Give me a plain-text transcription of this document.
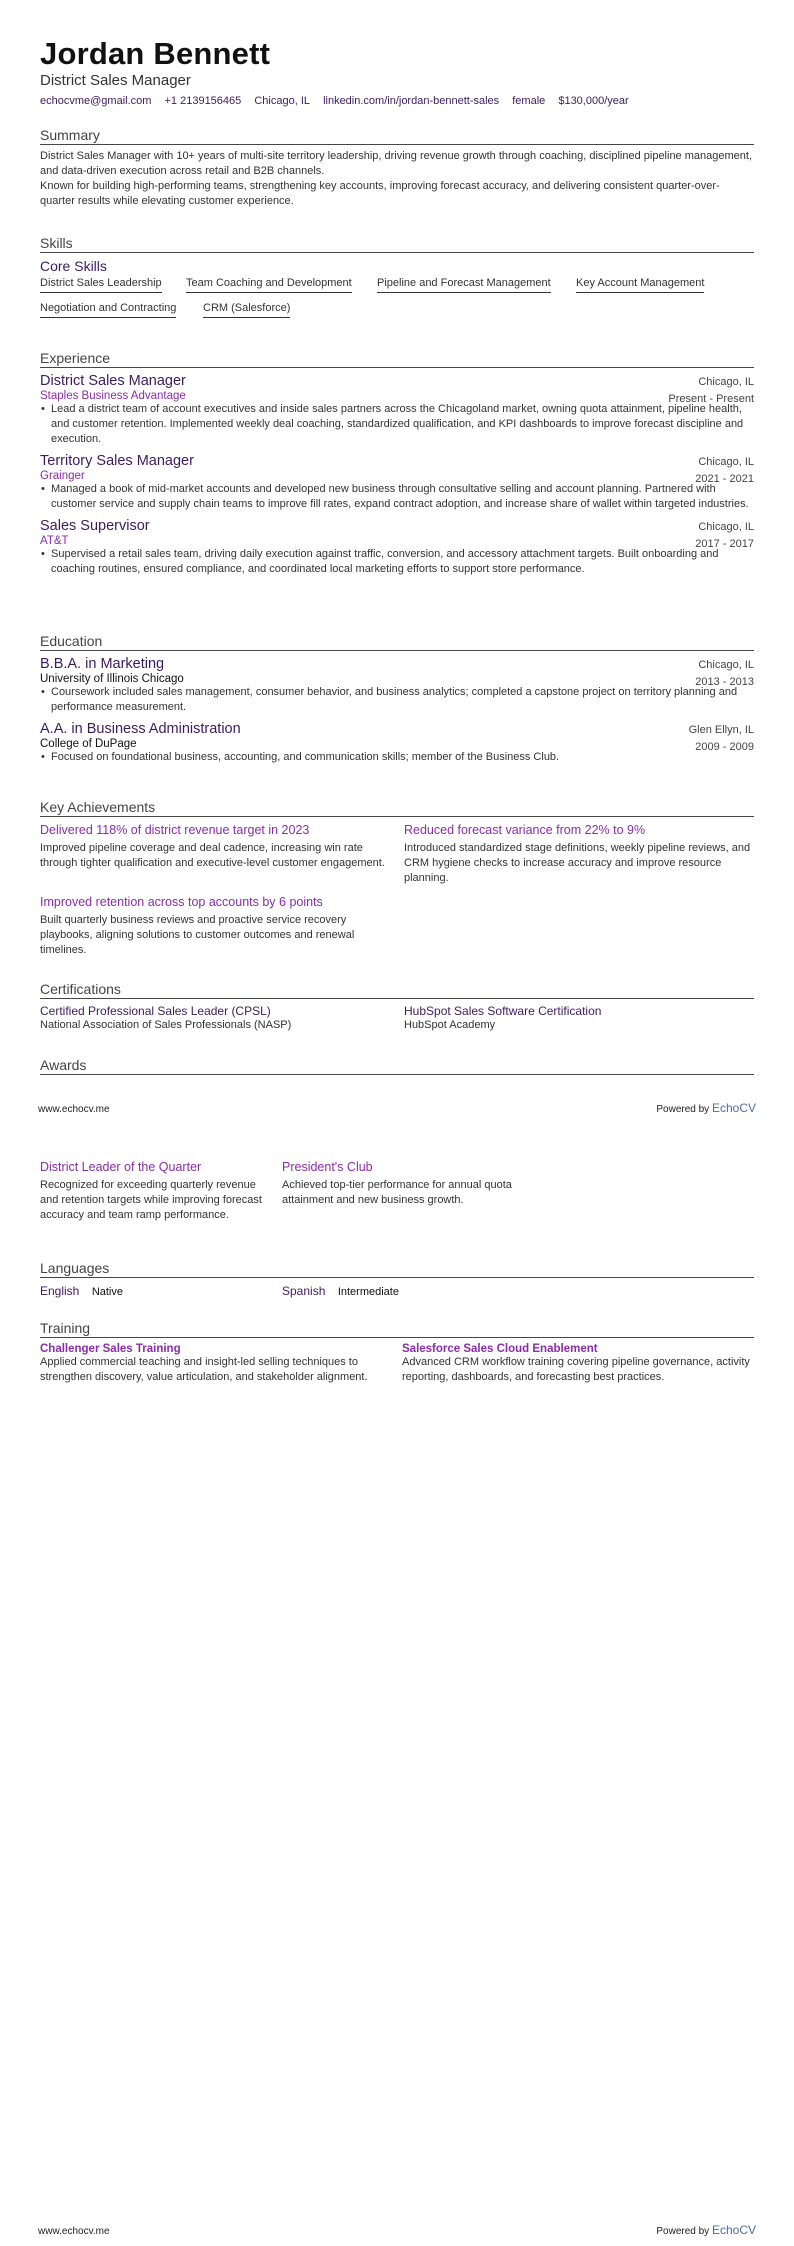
Jordan Bennett
District Sales Manager
echocvme@gmail.com +1 2139156465 Chicago, IL linkedin.com/in/jordan-bennett-sales female $130,000/year
Summary
District Sales Manager with 10+ years of multi-site territory leadership, driving revenue growth through coaching, disciplined pipeline management, and data-driven execution across retail and B2B channels.
Known for building high-performing teams, strengthening key accounts, improving forecast accuracy, and delivering consistent quarter-over-quarter results while elevating customer experience.
Skills
Core Skills
District Sales Leadership Team Coaching and Development Pipeline and Forecast Management Key Account Management
Negotiation and Contracting CRM (Salesforce)
Experience
District Sales Manager	Chicago, IL
Staples Business Advantage	Present - Present
• Lead a district team of account executives and inside sales partners across the Chicagoland market, owning quota attainment, pipeline health, and customer retention. Implemented weekly deal coaching, standardized qualification, and KPI dashboards to improve forecast discipline and execution.
Territory Sales Manager	Chicago, IL
Grainger	2021 - 2021
• Managed a book of mid-market accounts and developed new business through consultative selling and account planning. Partnered with customer service and supply chain teams to improve fill rates, expand contract adoption, and increase share of wallet within targeted industries.
Sales Supervisor	Chicago, IL
AT&T	2017 - 2017
• Supervised a retail sales team, driving daily execution against traffic, conversion, and accessory attachment targets. Built onboarding and coaching routines, ensured compliance, and coordinated local marketing efforts to support store performance.
Education
B.B.A. in Marketing	Chicago, IL
University of Illinois Chicago	2013 - 2013
• Coursework included sales management, consumer behavior, and business analytics; completed a capstone project on territory planning and performance measurement.
A.A. in Business Administration	Glen Ellyn, IL
College of DuPage	2009 - 2009
• Focused on foundational business, accounting, and communication skills; member of the Business Club.
Key Achievements
Delivered 118% of district revenue target in 2023
Improved pipeline coverage and deal cadence, increasing win rate through tighter qualification and executive-level customer engagement.
Reduced forecast variance from 22% to 9%
Introduced standardized stage definitions, weekly pipeline reviews, and CRM hygiene checks to increase accuracy and improve resource planning.
Improved retention across top accounts by 6 points
Built quarterly business reviews and proactive service recovery playbooks, aligning solutions to customer outcomes and renewal timelines.
Certifications
Certified Professional Sales Leader (CPSL)
National Association of Sales Professionals (NASP)
HubSpot Sales Software Certification
HubSpot Academy
Awards
www.echocv.me	Powered by EchoCV
District Leader of the Quarter
Recognized for exceeding quarterly revenue and retention targets while improving forecast accuracy and team ramp performance.
President's Club
Achieved top-tier performance for annual quota attainment and new business growth.
Languages
English Native	Spanish Intermediate
Training
Challenger Sales Training
Applied commercial teaching and insight-led selling techniques to strengthen discovery, value articulation, and stakeholder alignment.
Salesforce Sales Cloud Enablement
Advanced CRM workflow training covering pipeline governance, activity reporting, dashboards, and forecasting best practices.
www.echocv.me	Powered by EchoCV
